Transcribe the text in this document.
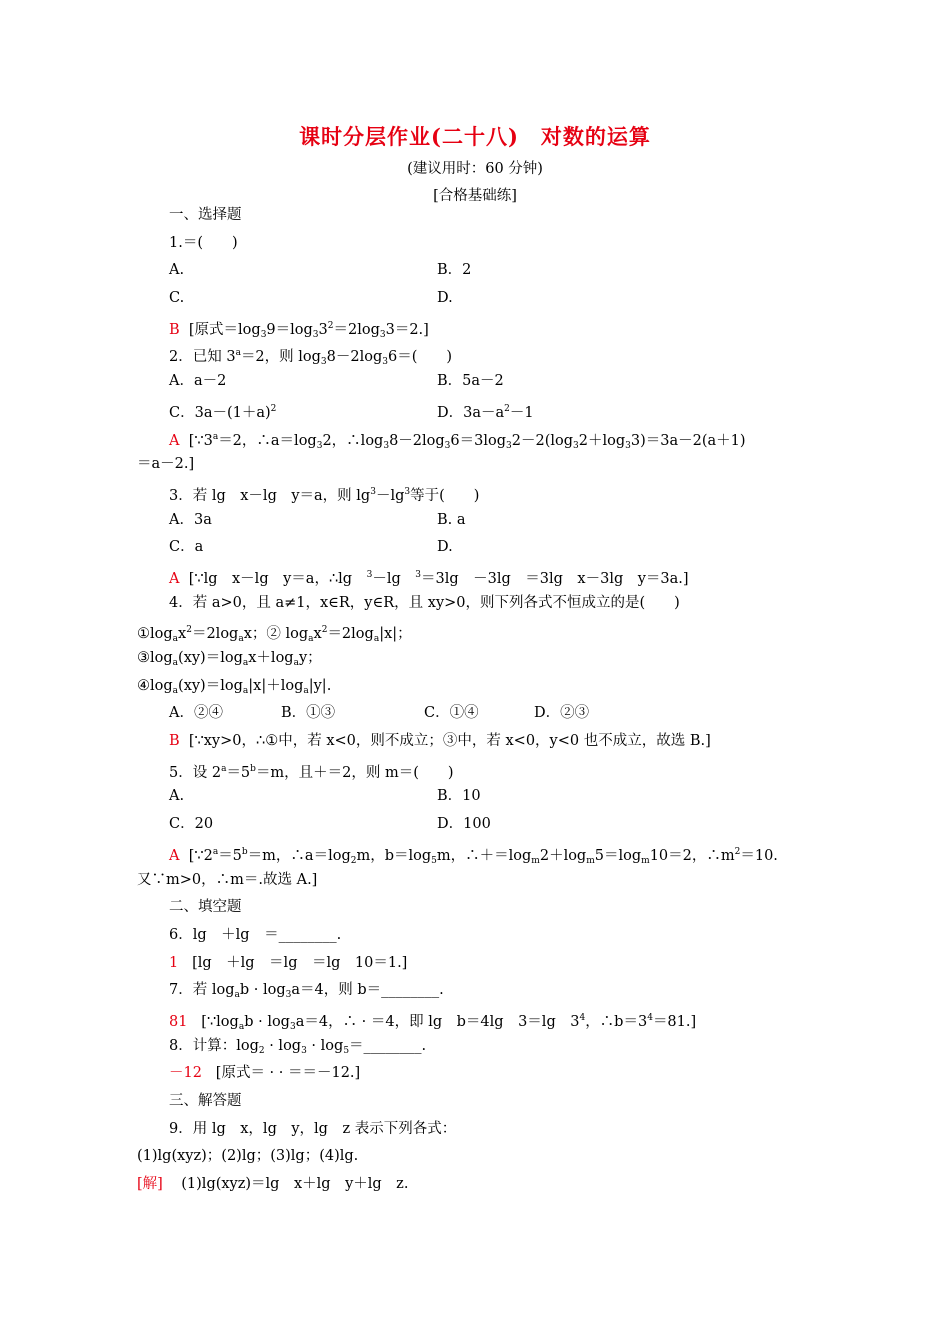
课时分层作业(二十八)　对数的运算
(建议用时：60 分钟)
[合格基础练]
一、选择题
1.＝(　　)
A.	B．2
C.	D.
B [原式$=\log_39=\log_33^2=2\log_33=2$.]
2．已知 $3^a=2$，则 $\log_38-2\log_36=$(　　)
A．a－2	B．5a－2
C．$3a-(1+a)^2$	D．$3a-a^2-1$
A [$\because 3^a=2$，$\therefore a=\log_32$，$\therefore\log_38-2\log_36=3\log_32-2(\log_32+\log_33)=3a-2(a+1)$
＝a－2.]
3．若 lg　x－lg　y＝a，则 $\lg^3-\lg^3$等于(　　)
A．3a	B. a
C．a	D.
A [∵lg　x－lg　y＝a，∴lg　$^3$－lg　$^3$＝3lg　－3lg　＝3lg　x－3lg　y＝3a.]
4．若 a>0，且 a≠1，x∈R，y∈R，且 xy>0，则下列各式不恒成立的是(　　)
$①\log_ax^2=2\log_ax$；② $\log_ax^2=2\log_a|x|$；
$③\log_a(xy)=\log_ax+\log_ay$；
$④\log_a(xy)=\log_a|x|+\log_a|y|$.
A．②④	B．①③	C．①④	D．②③
B [∵xy>0，∴①中，若 x<0，则不成立；③中，若 x<0，y<0 也不成立，故选 B.]
5．设 $2^a=5^b=m$，且＋＝2，则 m＝(　　)
A.	B．10
C．20	D．100
A [$\because 2^a=5^b=m$，$\therefore a=\log_2m$，$b=\log_5m$，$\therefore+=\log_m2+\log_m5=\log_m10=2$，$\therefore m^2=10$.
又∵m>0，∴m＝.故选 A.]
二、填空题
6．lg　＋lg　＝________.
1 [lg　＋lg　＝lg　＝lg　10＝1.]
7．若 $\log_ab \cdot \log_3a=4$，则 b＝________.
81 [$\because\log_ab \cdot \log_3a=4$，∴ · ＝4，即 lg　b＝4lg　3＝lg　$3^4$，$\therefore b=3^4=81$.]
8．计算：$\log_2 \cdot \log_3$ · $\log_5=\_\_\_\_\_\_\_\_$.
－12 [原式＝ · · ＝＝－12.]
三、解答题
9．用 lg　x，lg　y，lg　z 表示下列各式：
(1)lg(xyz)；(2)lg；(3)lg；(4)lg.
[解] (1)lg(xyz)＝lg　x＋lg　y＋lg　z.
